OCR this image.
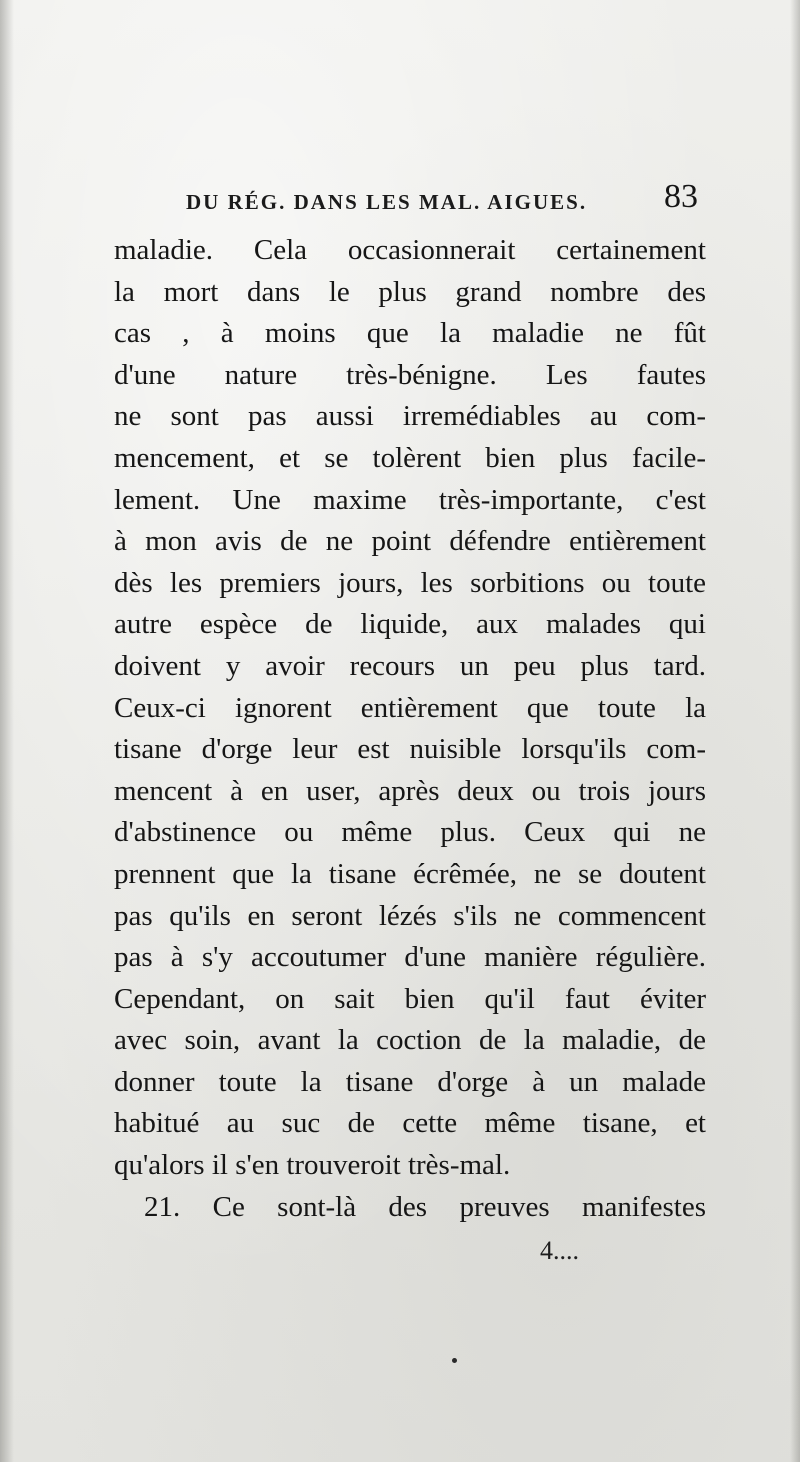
DU RÉG. DANS LES MAL. AIGUES. 83
maladie. Cela occasionnerait certainement
la mort dans le plus grand nombre des
cas , à moins que la maladie ne fût
d'une nature très-bénigne. Les fautes
ne sont pas aussi irremédiables au com-
mencement, et se tolèrent bien plus facile-
lement. Une maxime très-importante, c'est
à mon avis de ne point défendre entièrement
dès les premiers jours, les sorbitions ou toute
autre espèce de liquide, aux malades qui
doivent y avoir recours un peu plus tard.
Ceux-ci ignorent entièrement que toute la
tisane d'orge leur est nuisible lorsqu'ils com-
mencent à en user, après deux ou trois jours
d'abstinence ou même plus. Ceux qui ne
prennent que la tisane écrêmée, ne se doutent
pas qu'ils en seront lézés s'ils ne commencent
pas à s'y accoutumer d'une manière régulière.
Cependant, on sait bien qu'il faut éviter
avec soin, avant la coction de la maladie, de
donner toute la tisane d'orge à un malade
habitué au suc de cette même tisane, et
qu'alors il s'en trouveroit très-mal.
21. Ce sont-là des preuves manifestes
4....
